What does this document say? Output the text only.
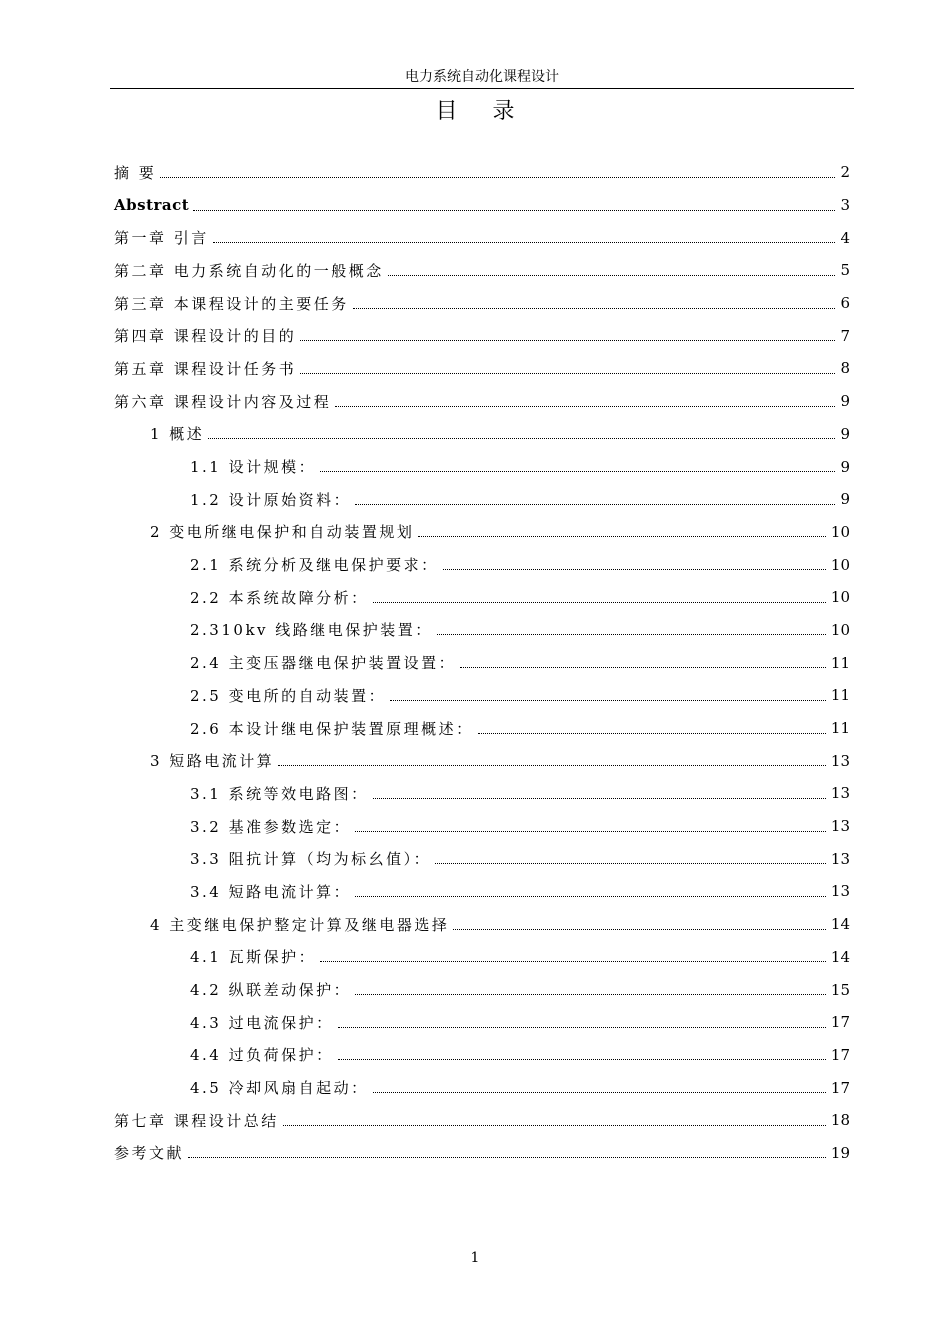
电力系统自动化课程设计
目 录
摘 要	2
Abstract	3
第一章 引言	4
第二章 电力系统自动化的一般概念	5
第三章 本课程设计的主要任务	6
第四章 课程设计的目的	7
第五章 课程设计任务书	8
第六章 课程设计内容及过程	9
1 概述	9
1.1 设计规模：	9
1.2 设计原始资料：	9
2 变电所继电保护和自动装置规划	10
2.1 系统分析及继电保护要求：	10
2.2 本系统故障分析：	10
2.310kv 线路继电保护装置：	10
2.4 主变压器继电保护装置设置：	11
2.5 变电所的自动装置：	11
2.6 本设计继电保护装置原理概述：	11
3 短路电流计算	13
3.1 系统等效电路图：	13
3.2 基准参数选定：	13
3.3 阻抗计算（均为标幺值）：	13
3.4 短路电流计算：	13
4 主变继电保护整定计算及继电器选择	14
4.1 瓦斯保护：	14
4.2 纵联差动保护：	15
4.3 过电流保护：	17
4.4 过负荷保护：	17
4.5 冷却风扇自起动：	17
第七章 课程设计总结	18
参考文献	19
1
